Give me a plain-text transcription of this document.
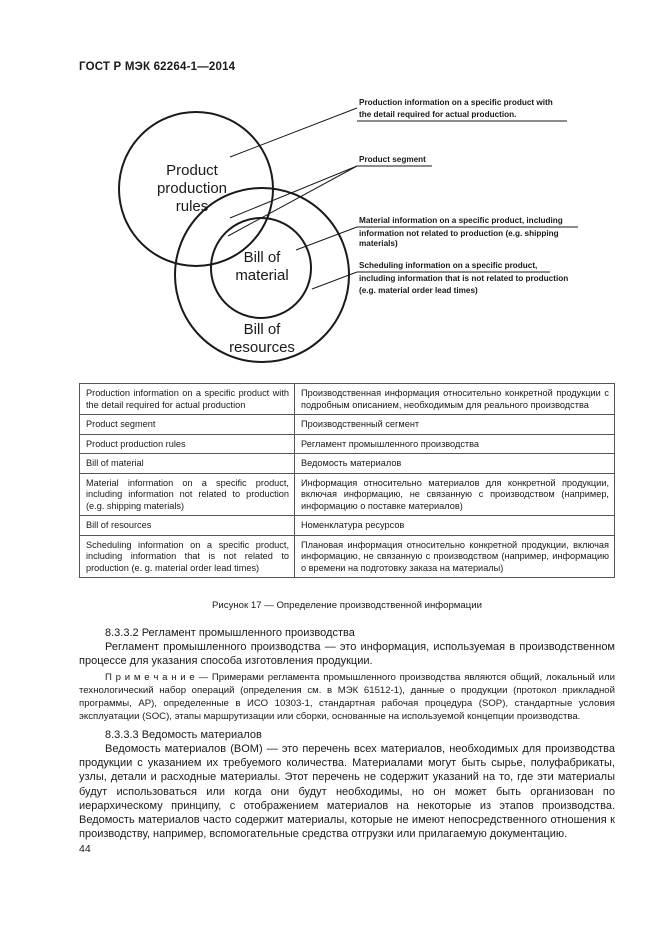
ГОСТ Р МЭК 62264-1—2014
Product
production
rules
Bill of
material
Bill of
resources
Production information on a specific product with
the detail required for actual production.
Product segment
Material information on a specific product, including
information not related to production (e.g. shipping
materials)
Scheduling information on a specific product,
including information that is not related to production
(e.g. material order lead times)
Production information on a specific product with the detail required for actual production	Производственная информация относительно конкретной продукции с подробным описанием, необходимым для реального производства
Product segment	Производственный сегмент
Product production rules	Регламент промышленного производства
Bill of material	Ведомость материалов
Material information on a specific product, including information not related to production (e.g. shipping materials)	Информация относительно материалов для конкретной продукции, включая информацию, не связанную с производством (например, информацию о поставке материалов)
Bill of resources	Номенклатура ресурсов
Scheduling information on a specific product, including information that is not related to production (e. g. material order lead times)	Плановая информация относительно конкретной продукции, включая информацию, не связанную с производством (например, информацию о времени на подготовку заказа на материалы)
Рисунок 17 — Определение производственной информации
8.3.3.2 Регламент промышленного производства
Регламент промышленного производства — это информация, используемая в производственном процессе для указания способа изготовления продукции.
П р и м е ч а н и е — Примерами регламента промышленного производства являются общий, локальный или технологический набор операций (определения см. в МЭК 61512-1), данные о продукции (протокол прикладной программы, АР), определенные в ИСО 10303-1, стандартная рабочая процедура (SOP), стандартные условия эксплуатации (SOC), этапы маршрутизации или сборки, основанные на используемой концепции производства.
8.3.3.3 Ведомость материалов
Ведомость материалов (BOM) — это перечень всех материалов, необходимых для производства продукции с указанием их требуемого количества. Материалами могут быть сырье, полуфабрикаты, узлы, детали и расходные материалы. Этот перечень не содержит указаний на то, где эти материалы будут использоваться или когда они будут необходимы, но он может быть организован по иерархическому принципу, с отображением материалов на некоторые из этапов производства. Ведомость материалов часто содержит материалы, которые не имеют непосредственного отношения к производству, например, вспомогательные средства отгрузки или прилагаемую документацию.
44
